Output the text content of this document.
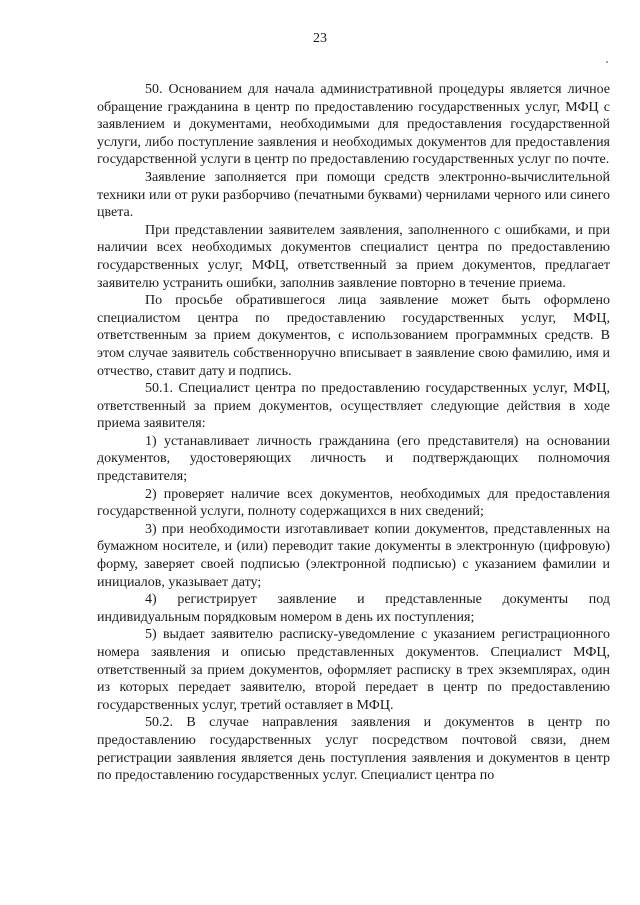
23

50. Основанием для начала административной процедуры является личное обращение гражданина в центр по предоставлению государственных услуг, МФЦ с заявлением и документами, необходимыми для предоставления государственной услуги, либо поступление заявления и необходимых документов для предоставления государственной услуги в центр по предоставлению государственных услуг по почте.

Заявление заполняется при помощи средств электронно-вычислительной техники или от руки разборчиво (печатными буквами) чернилами черного или синего цвета.

При представлении заявителем заявления, заполненного с ошибками, и при наличии всех необходимых документов специалист центра по предоставлению государственных услуг, МФЦ, ответственный за прием документов, предлагает заявителю устранить ошибки, заполнив заявление повторно в течение приема.

По просьбе обратившегося лица заявление может быть оформлено специалистом центра по предоставлению государственных услуг, МФЦ, ответственным за прием документов, с использованием программных средств. В этом случае заявитель собственноручно вписывает в заявление свою фамилию, имя и отчество, ставит дату и подпись.

50.1. Специалист центра по предоставлению государственных услуг, МФЦ, ответственный за прием документов, осуществляет следующие действия в ходе приема заявителя:

1) устанавливает личность гражданина (его представителя) на основании документов, удостоверяющих личность и подтверждающих полномочия представителя;

2) проверяет наличие всех документов, необходимых для предоставления государственной услуги, полноту содержащихся в них сведений;

3) при необходимости изготавливает копии документов, представленных на бумажном носителе, и (или) переводит такие документы в электронную (цифровую) форму, заверяет своей подписью (электронной подписью) с указанием фамилии и инициалов, указывает дату;

4) регистрирует заявление и представленные документы под индивидуальным порядковым номером в день их поступления;

5) выдает заявителю расписку-уведомление с указанием регистрационного номера заявления и описью представленных документов. Специалист МФЦ, ответственный за прием документов, оформляет расписку в трех экземплярах, один из которых передает заявителю, второй передает в центр по предоставлению государственных услуг, третий оставляет в МФЦ.

50.2. В случае направления заявления и документов в центр по предоставлению государственных услуг посредством почтовой связи, днем регистрации заявления является день поступления заявления и документов в центр по предоставлению государственных услуг. Специалист центра по
